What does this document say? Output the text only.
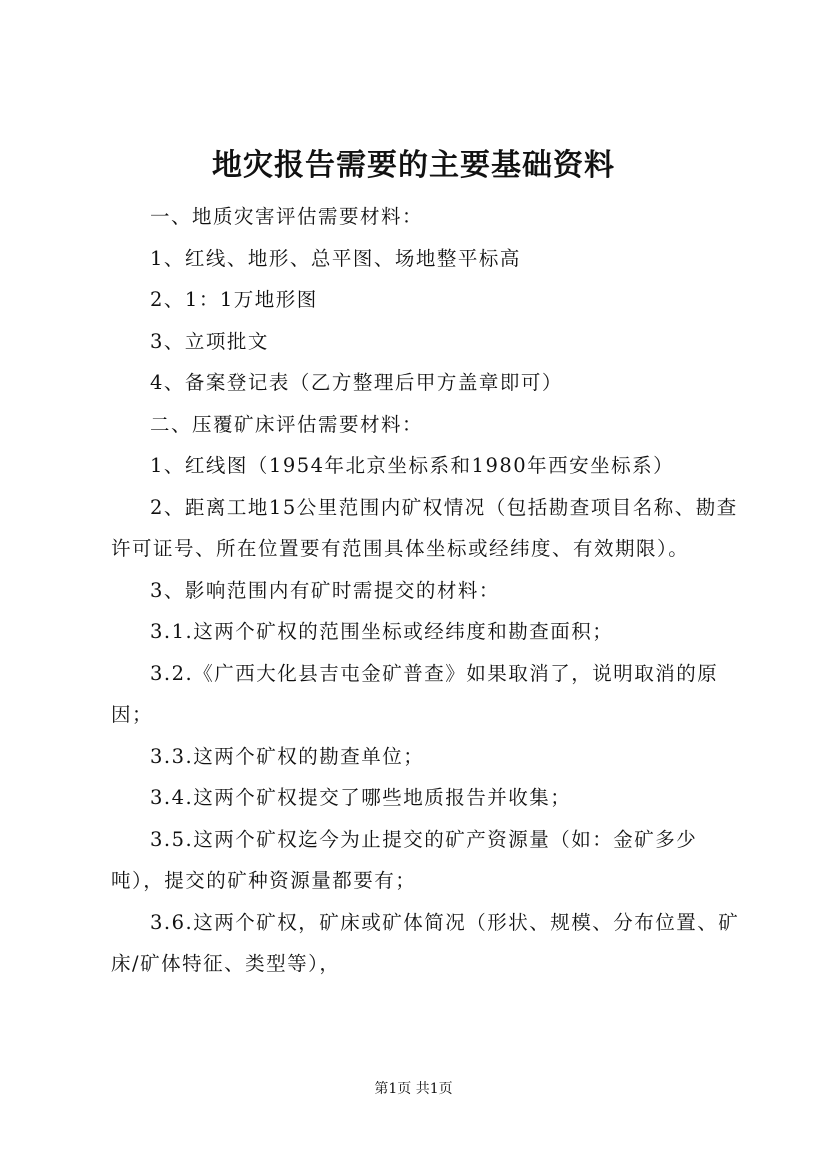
地灾报告需要的主要基础资料

一、地质灾害评估需要材料：

1、红线、地形、总平图、场地整平标高

2、1：1万地形图

3、立项批文

4、备案登记表（乙方整理后甲方盖章即可）

二、压覆矿床评估需要材料：

1、红线图（1954年北京坐标系和1980年西安坐标系）

2、距离工地15公里范围内矿权情况（包括勘查项目名称、勘查许可证号、所在位置要有范围具体坐标或经纬度、有效期限）。

3、影响范围内有矿时需提交的材料：

3.1.这两个矿权的范围坐标或经纬度和勘查面积；

3.2.《广西大化县吉屯金矿普查》如果取消了，说明取消的原因；

3.3.这两个矿权的勘查单位；

3.4.这两个矿权提交了哪些地质报告并收集；

3.5.这两个矿权迄今为止提交的矿产资源量（如：金矿多少吨），提交的矿种资源量都要有；

3.6.这两个矿权，矿床或矿体简况（形状、规模、分布位置、矿床/矿体特征、类型等），

第1页 共1页
